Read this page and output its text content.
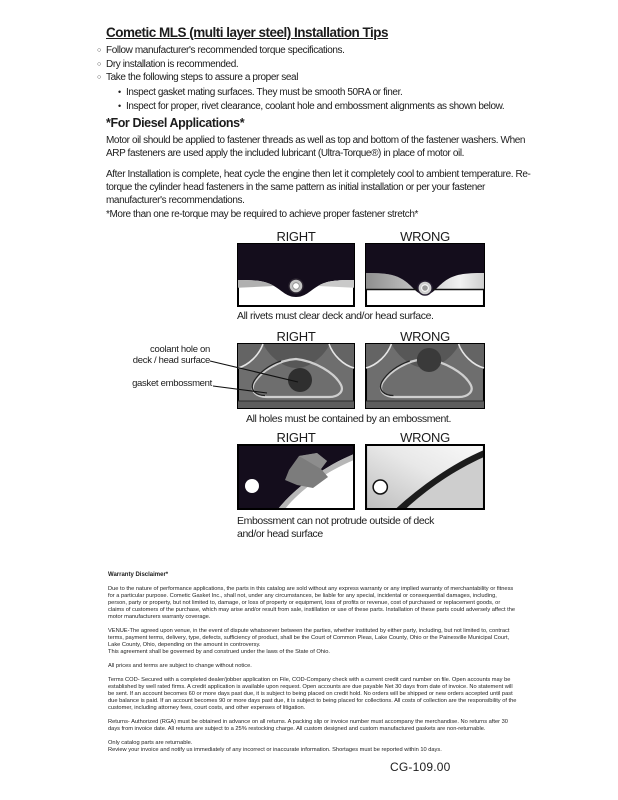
Cometic MLS (multi layer steel) Installation Tips
○ Follow manufacturer's recommended torque specifications.
○ Dry installation is recommended.
○ Take the following steps to assure a proper seal
• Inspect gasket mating surfaces. They must be smooth 50RA or finer.
• Inspect for proper, rivet clearance, coolant hole and embossment alignments as shown below.
*For Diesel Applications*
Motor oil should be applied to fastener threads as well as top and bottom of the fastener washers. When ARP fasteners are used apply the included lubricant (Ultra-Torque®) in place of motor oil.
After Installation is complete, heat cycle the engine then let it completely cool to ambient temperature. Re-torque the cylinder head fasteners in the same pattern as initial installation or per your fastener manufacturer's recommendations.
*More than one re-torque may be required to achieve proper fastener stretch*
RIGHT	WRONG
All rivets must clear deck and/or head surface.
RIGHT	WRONG
coolant hole on
deck / head surface
gasket embossment
All holes must be contained by an embossment.
RIGHT	WRONG
Embossment can not protrude outside of deck
and/or head surface
Warranty Disclaimer*

Due to the nature of performance applications, the parts in this catalog are sold without any express warranty or any implied warranty of merchantability or fitness for a particular purpose. Cometic Gasket Inc., shall not, under any circumstances, be liable for any special, incidental or consequential damages, including, person, party or property, but not limited to, damage, or loss of property or equipment, loss of profits or revenue, cost of purchased or replacement goods, or claims of customers of the purchase, which may arise and/or result from sale, instillation or use of these parts. Installation of these parts could adversely affect the motor manufacturers warranty coverage.

VENUE-The agreed upon venue, in the event of dispute whatsoever between the parties, whether instituted by either party, including, but not limited to, contract terms, payment terms, delivery, type, defects, sufficiency of product, shall be the Court of Common Pleas, Lake County, Ohio or the Painesville Municipal Court, Lake County, Ohio, depending on the amount in controversy.

This agreement shall be governed by and construed under the laws of the State of Ohio.

All prices and terms are subject to change without notice.

Terms COD- Secured with a completed dealer/jobber application on File, COD-Company check with a current credit card number on file. Open accounts may be established by well rated firms. A credit application is available upon request. Open accounts are due payable Net 30 days from date of invoice. No statement will be sent. If an account becomes 60 or more days past due, it is subject to being placed on credit hold. No orders will be shipped or new orders accepted until past due balance is paid. If an account becomes 90 or more days past due, it is subject to being placed for collections. All costs of collection are the responsibility of the customer, including attorney fees, court costs, and other expenses of litigation.

Returns- Authorized (RGA) must be obtained in advance on all returns. A packing slip or invoice number must accompany the merchandise. No returns after 30 days from invoice date. All returns are subject to a 25% restocking charge. All custom designed and custom manufactured gaskets are non-returnable.

Only catalog parts are returnable.

Review your invoice and notify us immediately of any incorrect or inaccurate information. Shortages must be reported within 10 days.

CG-109.00
